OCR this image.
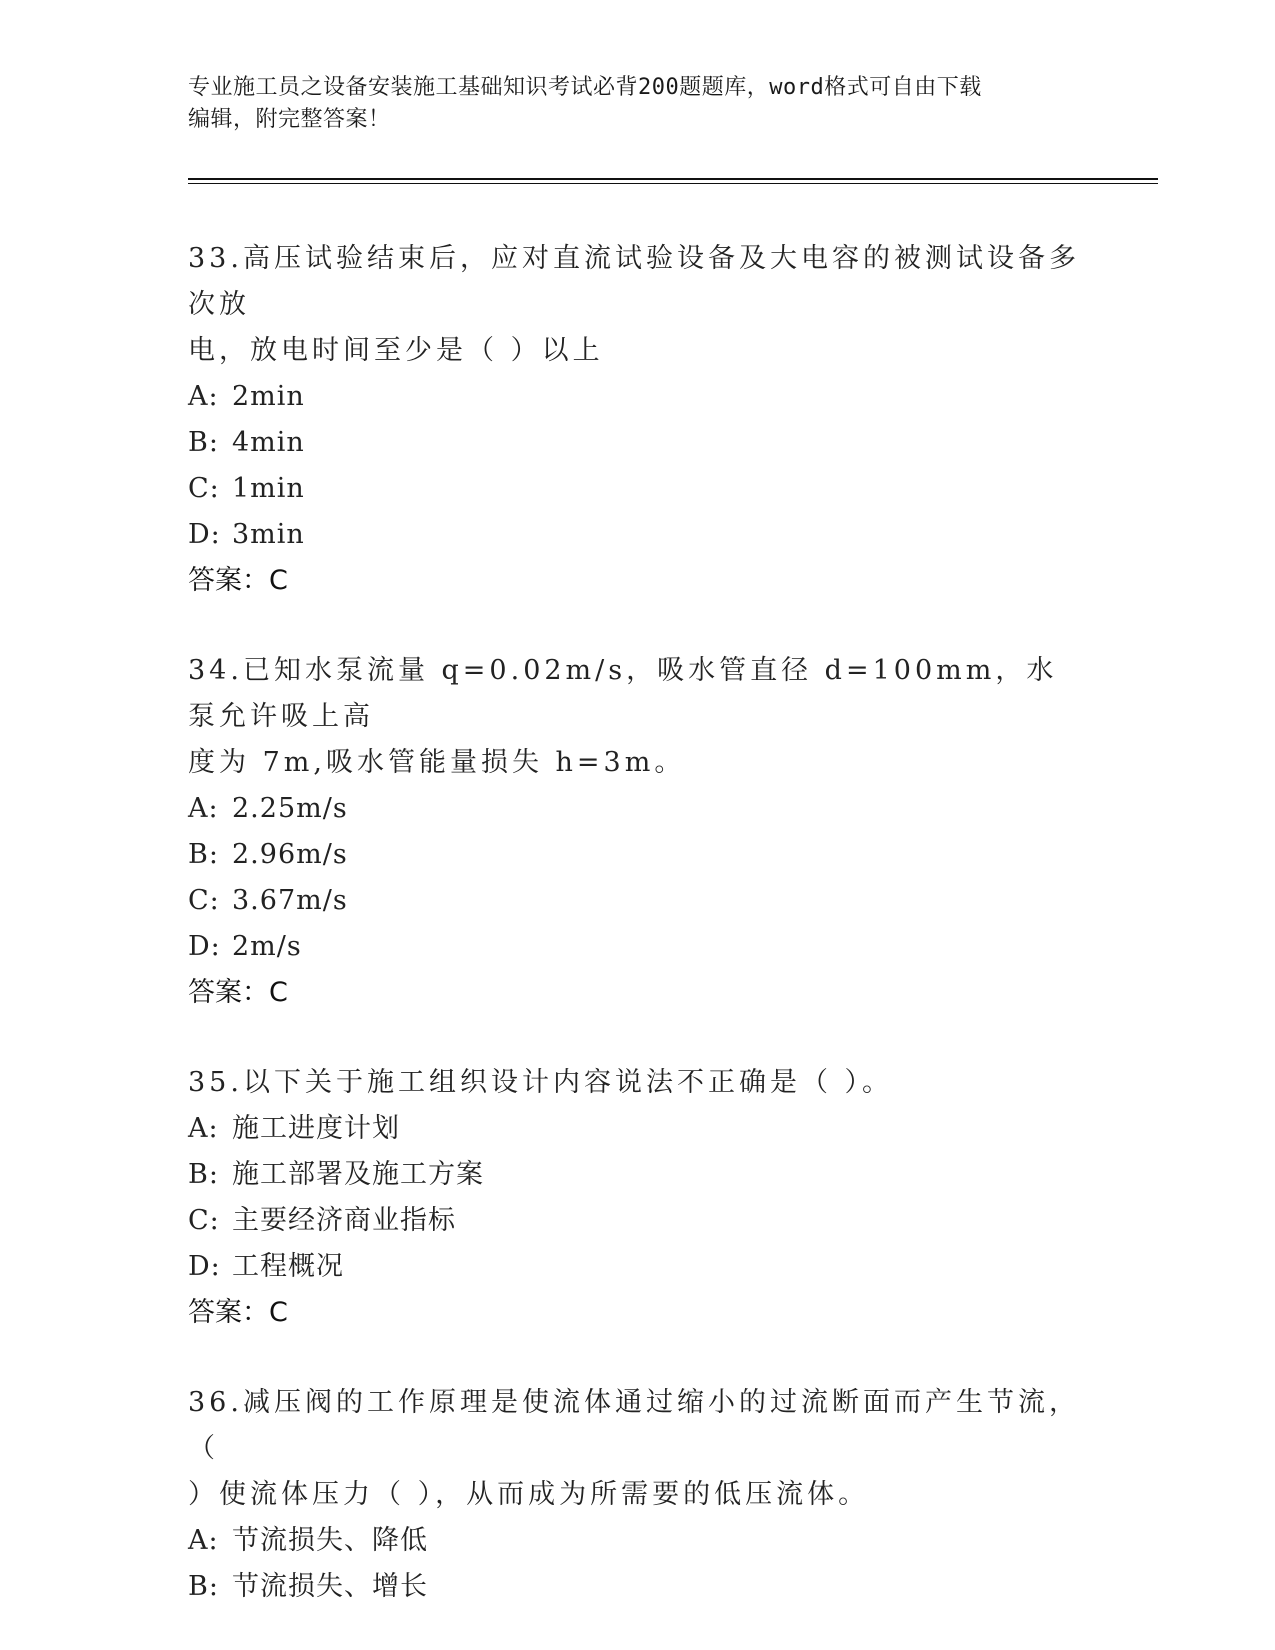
专业施工员之设备安装施工基础知识考试必背200题题库，word格式可自由下载
编辑，附完整答案！
33.高压试验结束后，应对直流试验设备及大电容的被测试设备多次放
电，放电时间至少是（ ）以上
A: 2min
B: 4min
C: 1min
D: 3min
答案：C
34.已知水泵流量 q=0.02m/s，吸水管直径 d=100mm，水泵允许吸上高
度为 7m,吸水管能量损失 h=3m。
A: 2.25m/s
B: 2.96m/s
C: 3.67m/s
D: 2m/s
答案：C
35.以下关于施工组织设计内容说法不正确是（ ）。
A: 施工进度计划
B: 施工部署及施工方案
C: 主要经济商业指标
D: 工程概况
答案：C
36.减压阀的工作原理是使流体通过缩小的过流断面而产生节流，（
）使流体压力（ ），从而成为所需要的低压流体。
A: 节流损失、降低
B: 节流损失、增长
